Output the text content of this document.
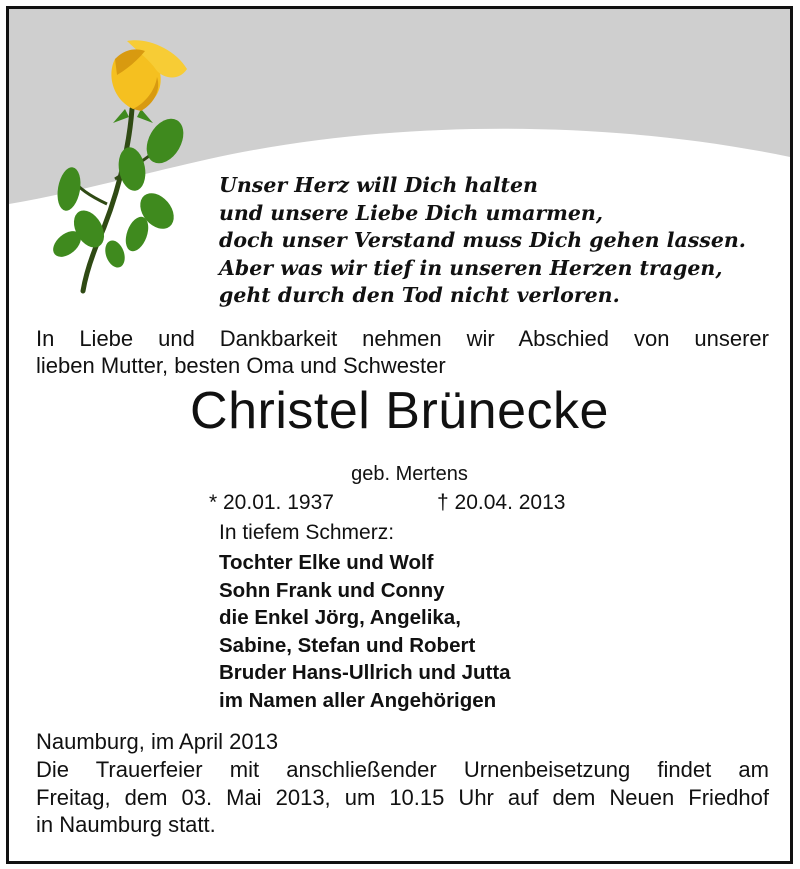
Unser Herz will Dich halten
und unsere Liebe Dich umarmen,
doch unser Verstand muss Dich gehen lassen.
Aber was wir tief in unseren Herzen tragen,
geht durch den Tod nicht verloren.
In Liebe und Dankbarkeit nehmen wir Abschied von unserer
lieben Mutter, besten Oma und Schwester
Christel Brünecke
geb. Mertens
* 20.01. 1937	† 20.04. 2013
In tiefem Schmerz:
Tochter Elke und Wolf
Sohn Frank und Conny
die Enkel Jörg, Angelika,
Sabine, Stefan und Robert
Bruder Hans-Ullrich und Jutta
im Namen aller Angehörigen
Naumburg, im April 2013
Die Trauerfeier mit anschließender Urnenbeisetzung findet am
Freitag, dem 03. Mai 2013, um 10.15 Uhr auf dem Neuen Friedhof
in Naumburg statt.
